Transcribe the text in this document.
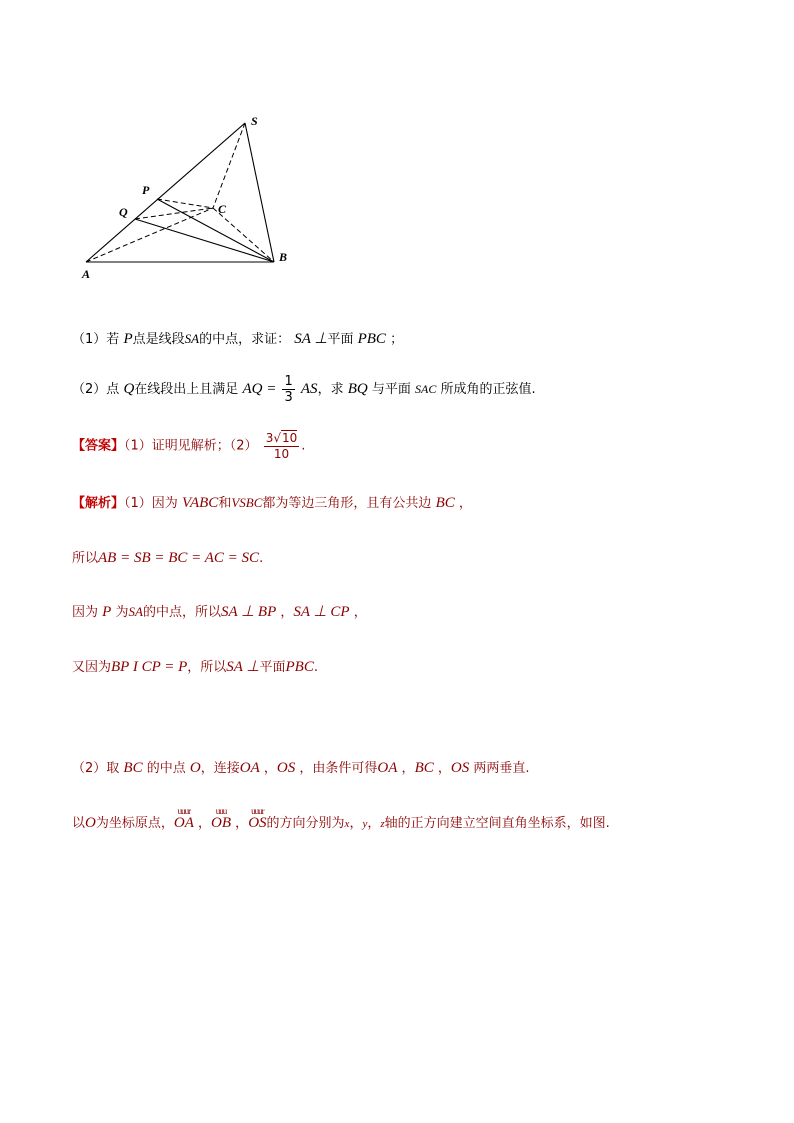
S
P
Q	C
A
B
（1）若 P点是线段SA的中点，求证： SA ⊥平面 PBC ；
（2）点 Q在线段出上且满足 AQ = $\frac{1}{3}$ AS，求 BQ 与平面 SAC 所成角的正弦值.
【答案】（1）证明见解析；$(2) \frac{3√10}{10}$ .
【解析】（1）因为 VABC和VSBC都为等边三角形，且有公共边 BC ，
所以AB = SB = BC = AC = SC.
因为 P 为SA的中点，所以SA ⊥ BP ，SA ⊥ CP ，
又因为BP I CP = P，所以SA ⊥平面PBC.
（2）取 BC 的中点 O，连接OA ，OS ，由条件可得OA ，BC ，OS 两两垂直.
以O为坐标原点，
uuur
OA ，
uuu
OB ，
uuur
OS的方向分别为x，y，z轴的正方向建立空间直角坐标系，如图.
